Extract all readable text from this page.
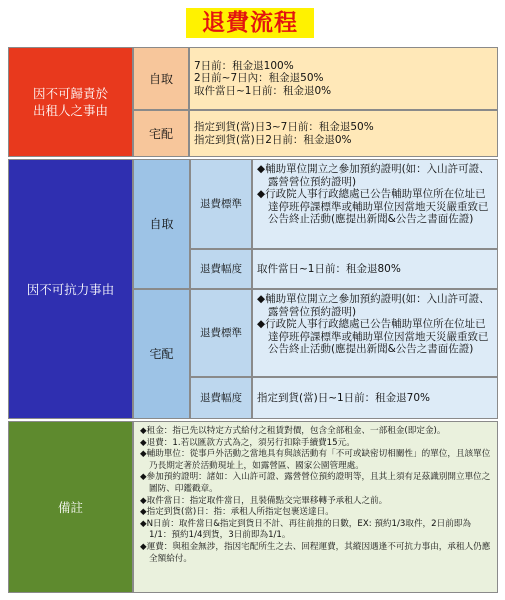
退費流程
因不可歸責於
出租人之事由
自取
7日前：租金退100%
2日前~7日內：租金退50%
取件當日~1日前：租金退0%
宅配 指定到貨(當)日3~7日前：租金退50%
指定到貨(當)日2日前：租金退0%
因不可抗力事由
自取
退費標準
◆輔助單位開立之參加預約證明(如：入山許可證、露營營位預約證明)
◆行政院人事行政總處已公告輔助單位所在位址已達停班停課標準或輔助單位因當地天災嚴重致已公告終止活動(應提出新聞&公告之書面佐證)
退費幅度	取件當日~1日前：租金退80%
宅配
退費標準
◆輔助單位開立之參加預約證明(如：入山許可證、露營營位預約證明)
◆行政院人事行政總處已公告輔助單位所在位址已達停班停課標準或輔助單位因當地天災嚴重致已公告終止活動(應提出新聞&公告之書面佐證)
退費幅度	指定到貨(當)日~1日前：租金退70%
備註
◆租金：指已先以特定方式給付之租賃對價，包含全部租金、一部租金(即定金)。
◆退費：1.若以匯款方式為之，須另行扣除手續費15元。
◆輔助單位：從事戶外活動之當地具有與該活動有「不可或缺密切相關性」的單位，且該單位乃長期定著於活動現址上，如露營區、國家公園管理處。
◆參加預約證明：諸如：入山許可證、露營營位預約證明等，且其上須有足茲識別開立單位之圖防、印鑑戳章。
◆取件當日：指定取件當日，且裝備點交完畢移轉予承租人之前。
◆指定到貨(當)日：指：承租人所指定包裹送達日。
◆N日前：取件當日&指定到貨日不計、再往前推的日數，EX: 預約1/3取件，2日前即為1/1：預約1/4到貨，3日前即為1/1。
◆運費：與租金無涉，指因宅配所生之去、回程運費，其縱因遇逢不可抗力事由，承租人仍應全額給付。
